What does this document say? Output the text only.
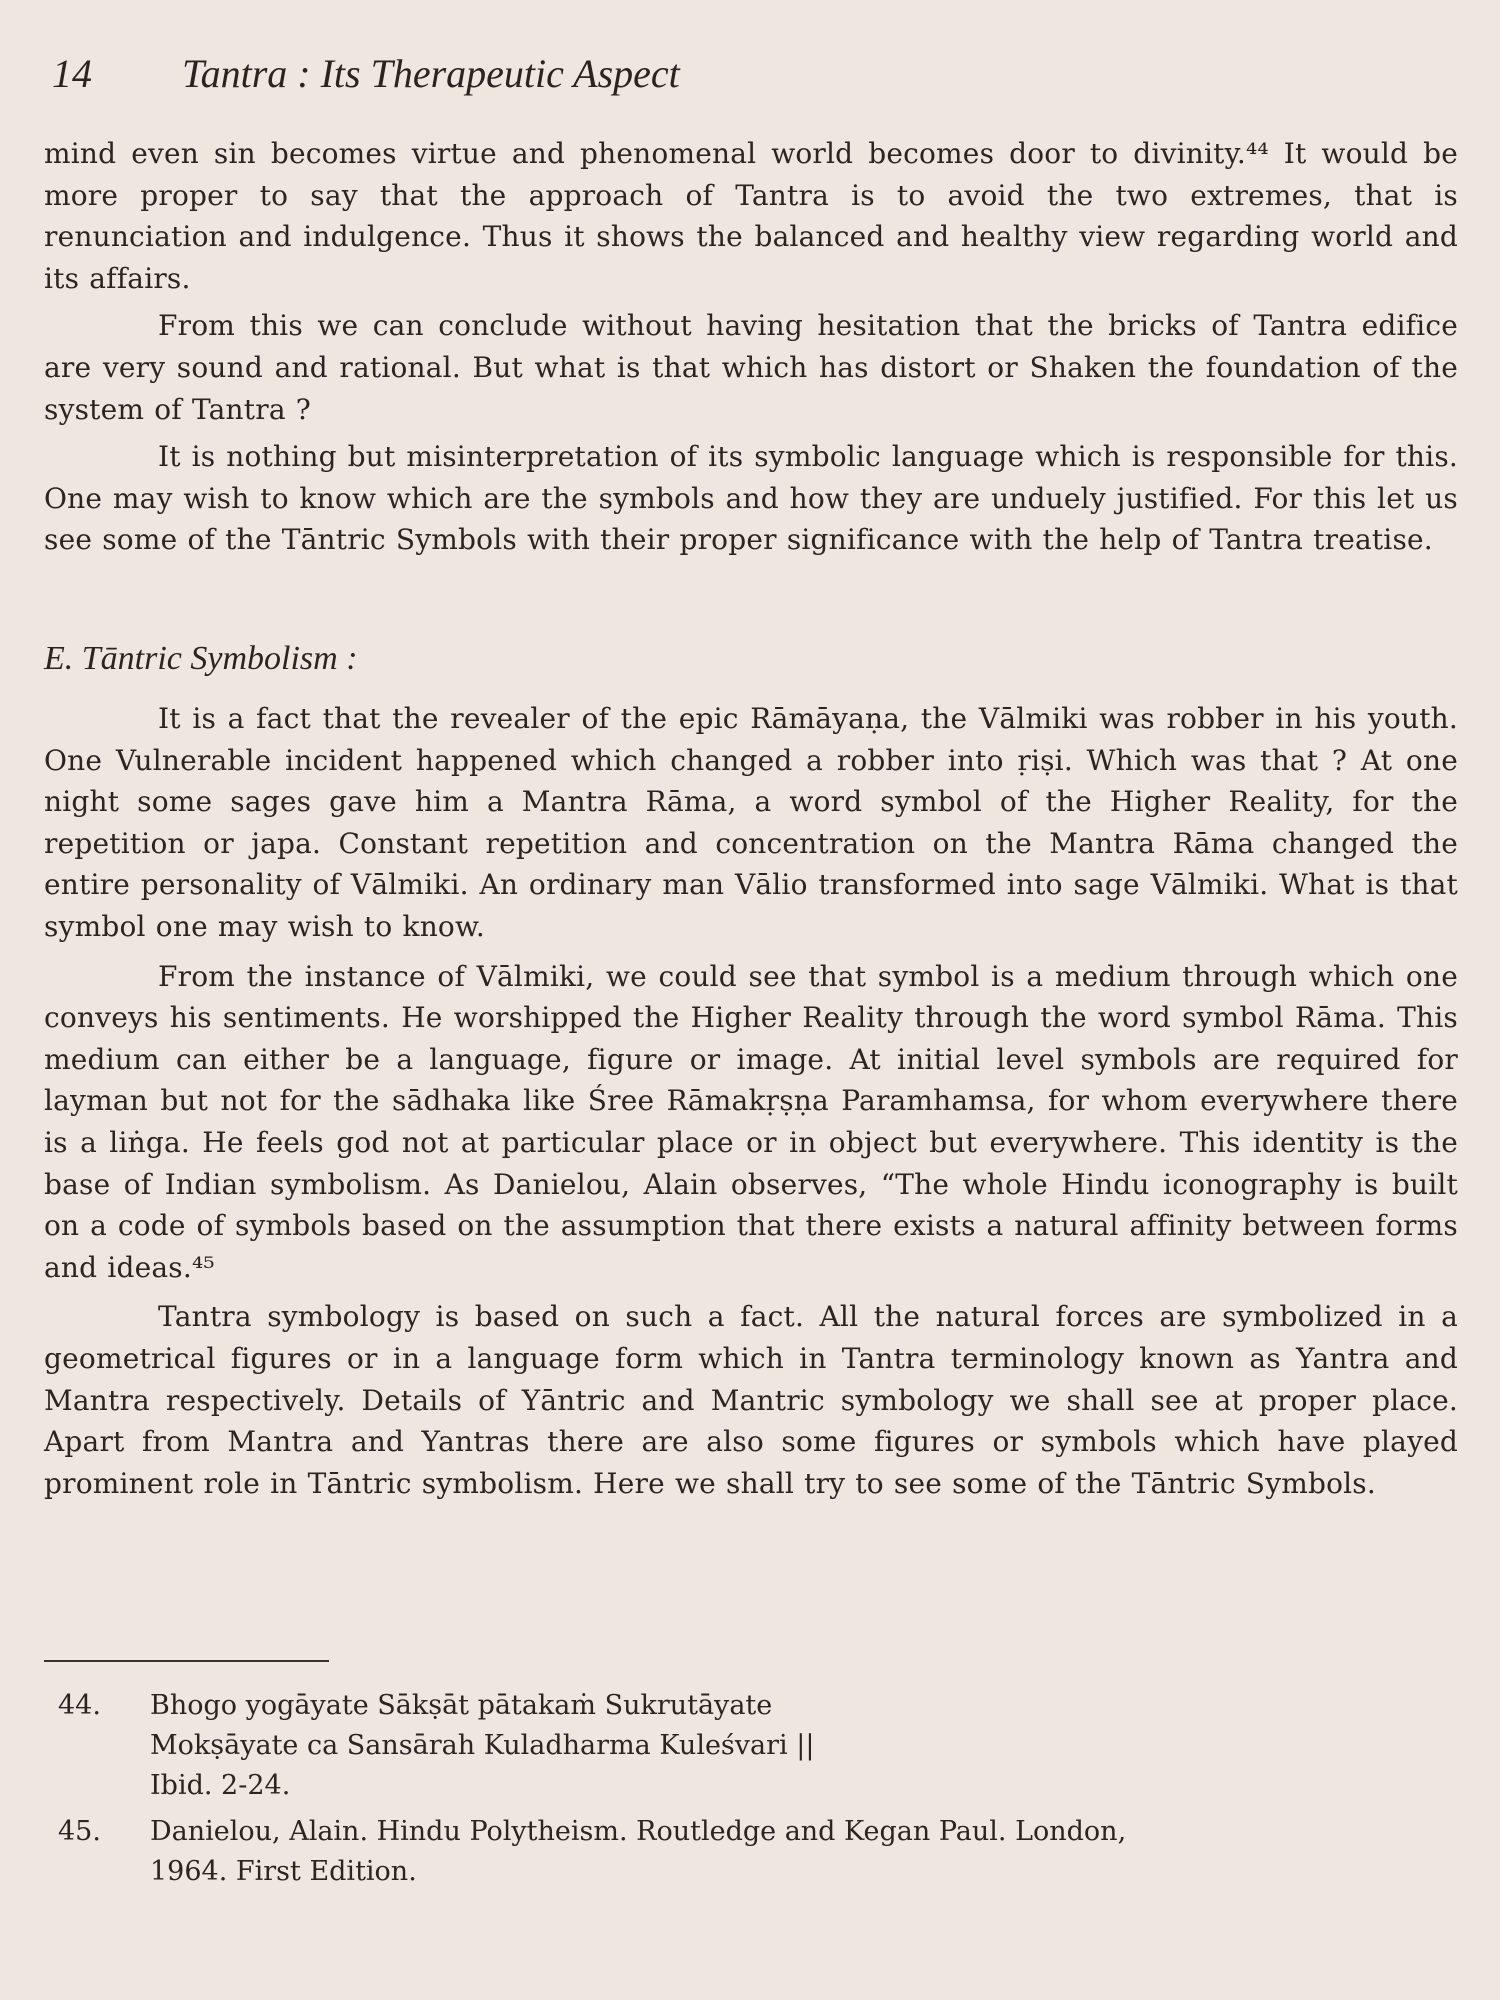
14 Tantra : Its Therapeutic Aspect

mind even sin becomes virtue and phenomenal world becomes door to divinity.⁴⁴ It would be more proper to say that the approach of Tantra is to avoid the two extremes, that is renunciation and indulgence. Thus it shows the balanced and healthy view regarding world and its affairs.

From this we can conclude without having hesitation that the bricks of Tantra edifice are very sound and rational. But what is that which has distort or Shaken the foundation of the system of Tantra ?

It is nothing but misinterpretation of its symbolic language which is responsible for this. One may wish to know which are the symbols and how they are unduely justified. For this let us see some of the Tāntric Symbols with their proper significance with the help of Tantra treatise.

E. Tāntric Symbolism :

It is a fact that the revealer of the epic Rāmāyaṇa, the Vālmiki was robber in his youth. One Vulnerable incident happened which changed a robber into ṛiṣi. Which was that ? At one night some sages gave him a Mantra Rāma, a word symbol of the Higher Reality, for the repetition or japa. Constant repetition and concentration on the Mantra Rāma changed the entire personality of Vālmiki. An ordinary man Vālio transformed into sage Vālmiki. What is that symbol one may wish to know.

From the instance of Vālmiki, we could see that symbol is a medium through which one conveys his sentiments. He worshipped the Higher Reality through the word symbol Rāma. This medium can either be a language, figure or image. At initial level symbols are required for layman but not for the sādhaka like Śree Rāmakṛṣṇa Paramhamsa, for whom everywhere there is a liṅga. He feels god not at particular place or in object but everywhere. This identity is the base of Indian symbolism. As Danielou, Alain observes, “The whole Hindu iconography is built on a code of symbols based on the assumption that there exists a natural affinity between forms and ideas.⁴⁵

Tantra symbology is based on such a fact. All the natural forces are symbolized in a geometrical figures or in a language form which in Tantra terminology known as Yantra and Mantra respectively. Details of Yāntric and Mantric symbology we shall see at proper place. Apart from Mantra and Yantras there are also some figures or symbols which have played prominent role in Tāntric symbolism. Here we shall try to see some of the Tāntric Symbols.

44. Bhogo yogāyate Sākṣāt pātakaṁ Sukrutāyate
Mokṣāyate ca Sansārah Kuladharma Kuleśvari ||
Ibid. 2-24.
45. Danielou, Alain. Hindu Polytheism. Routledge and Kegan Paul. London,
1964. First Edition.
